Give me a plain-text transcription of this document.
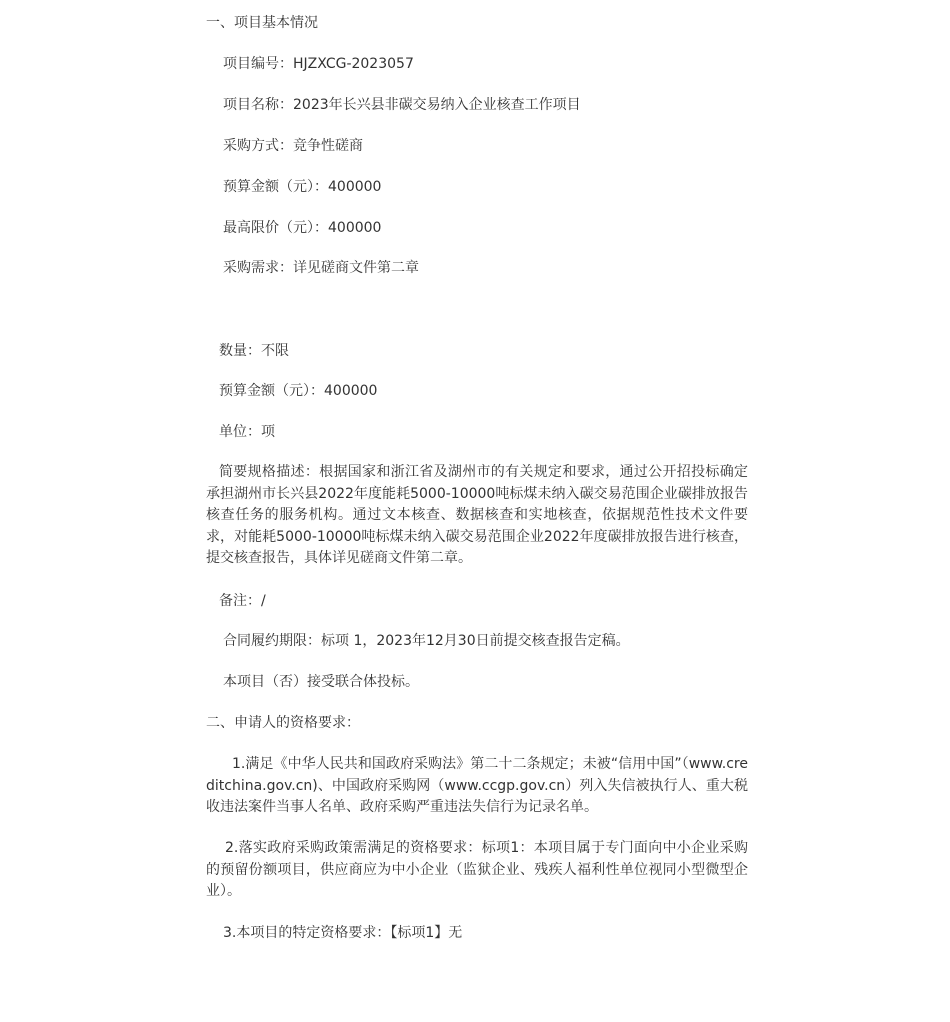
一、项目基本情况
项目编号：HJZXCG-2023057
项目名称：2023年长兴县非碳交易纳入企业核查工作项目
采购方式：竞争性磋商
预算金额（元）：400000
最高限价（元）：400000
采购需求：详见磋商文件第二章
数量：不限
预算金额（元）：400000
单位：项
简要规格描述：根据国家和浙江省及湖州市的有关规定和要求，通过公开招投标确定承担湖州市长兴县2022年度能耗5000-10000吨标煤未纳入碳交易范围企业碳排放报告核查任务的服务机构。通过文本核查、数据核查和实地核查，依据规范性技术文件要求，对能耗5000-10000吨标煤未纳入碳交易范围企业2022年度碳排放报告进行核查，提交核查报告，具体详见磋商文件第二章。
备注：/
合同履约期限：标项 1，2023年12月30日前提交核查报告定稿。
本项目（否）接受联合体投标。
二、申请人的资格要求：
1.满足《中华人民共和国政府采购法》第二十二条规定；未被“信用中国”（www.creditchina.gov.cn)、中国政府采购网（www.ccgp.gov.cn）列入失信被执行人、重大税收违法案件当事人名单、政府采购严重违法失信行为记录名单。
2.落实政府采购政策需满足的资格要求：标项1：本项目属于专门面向中小企业采购的预留份额项目，供应商应为中小企业（监狱企业、残疾人福利性单位视同小型微型企业）。
3.本项目的特定资格要求：【标项1】无
